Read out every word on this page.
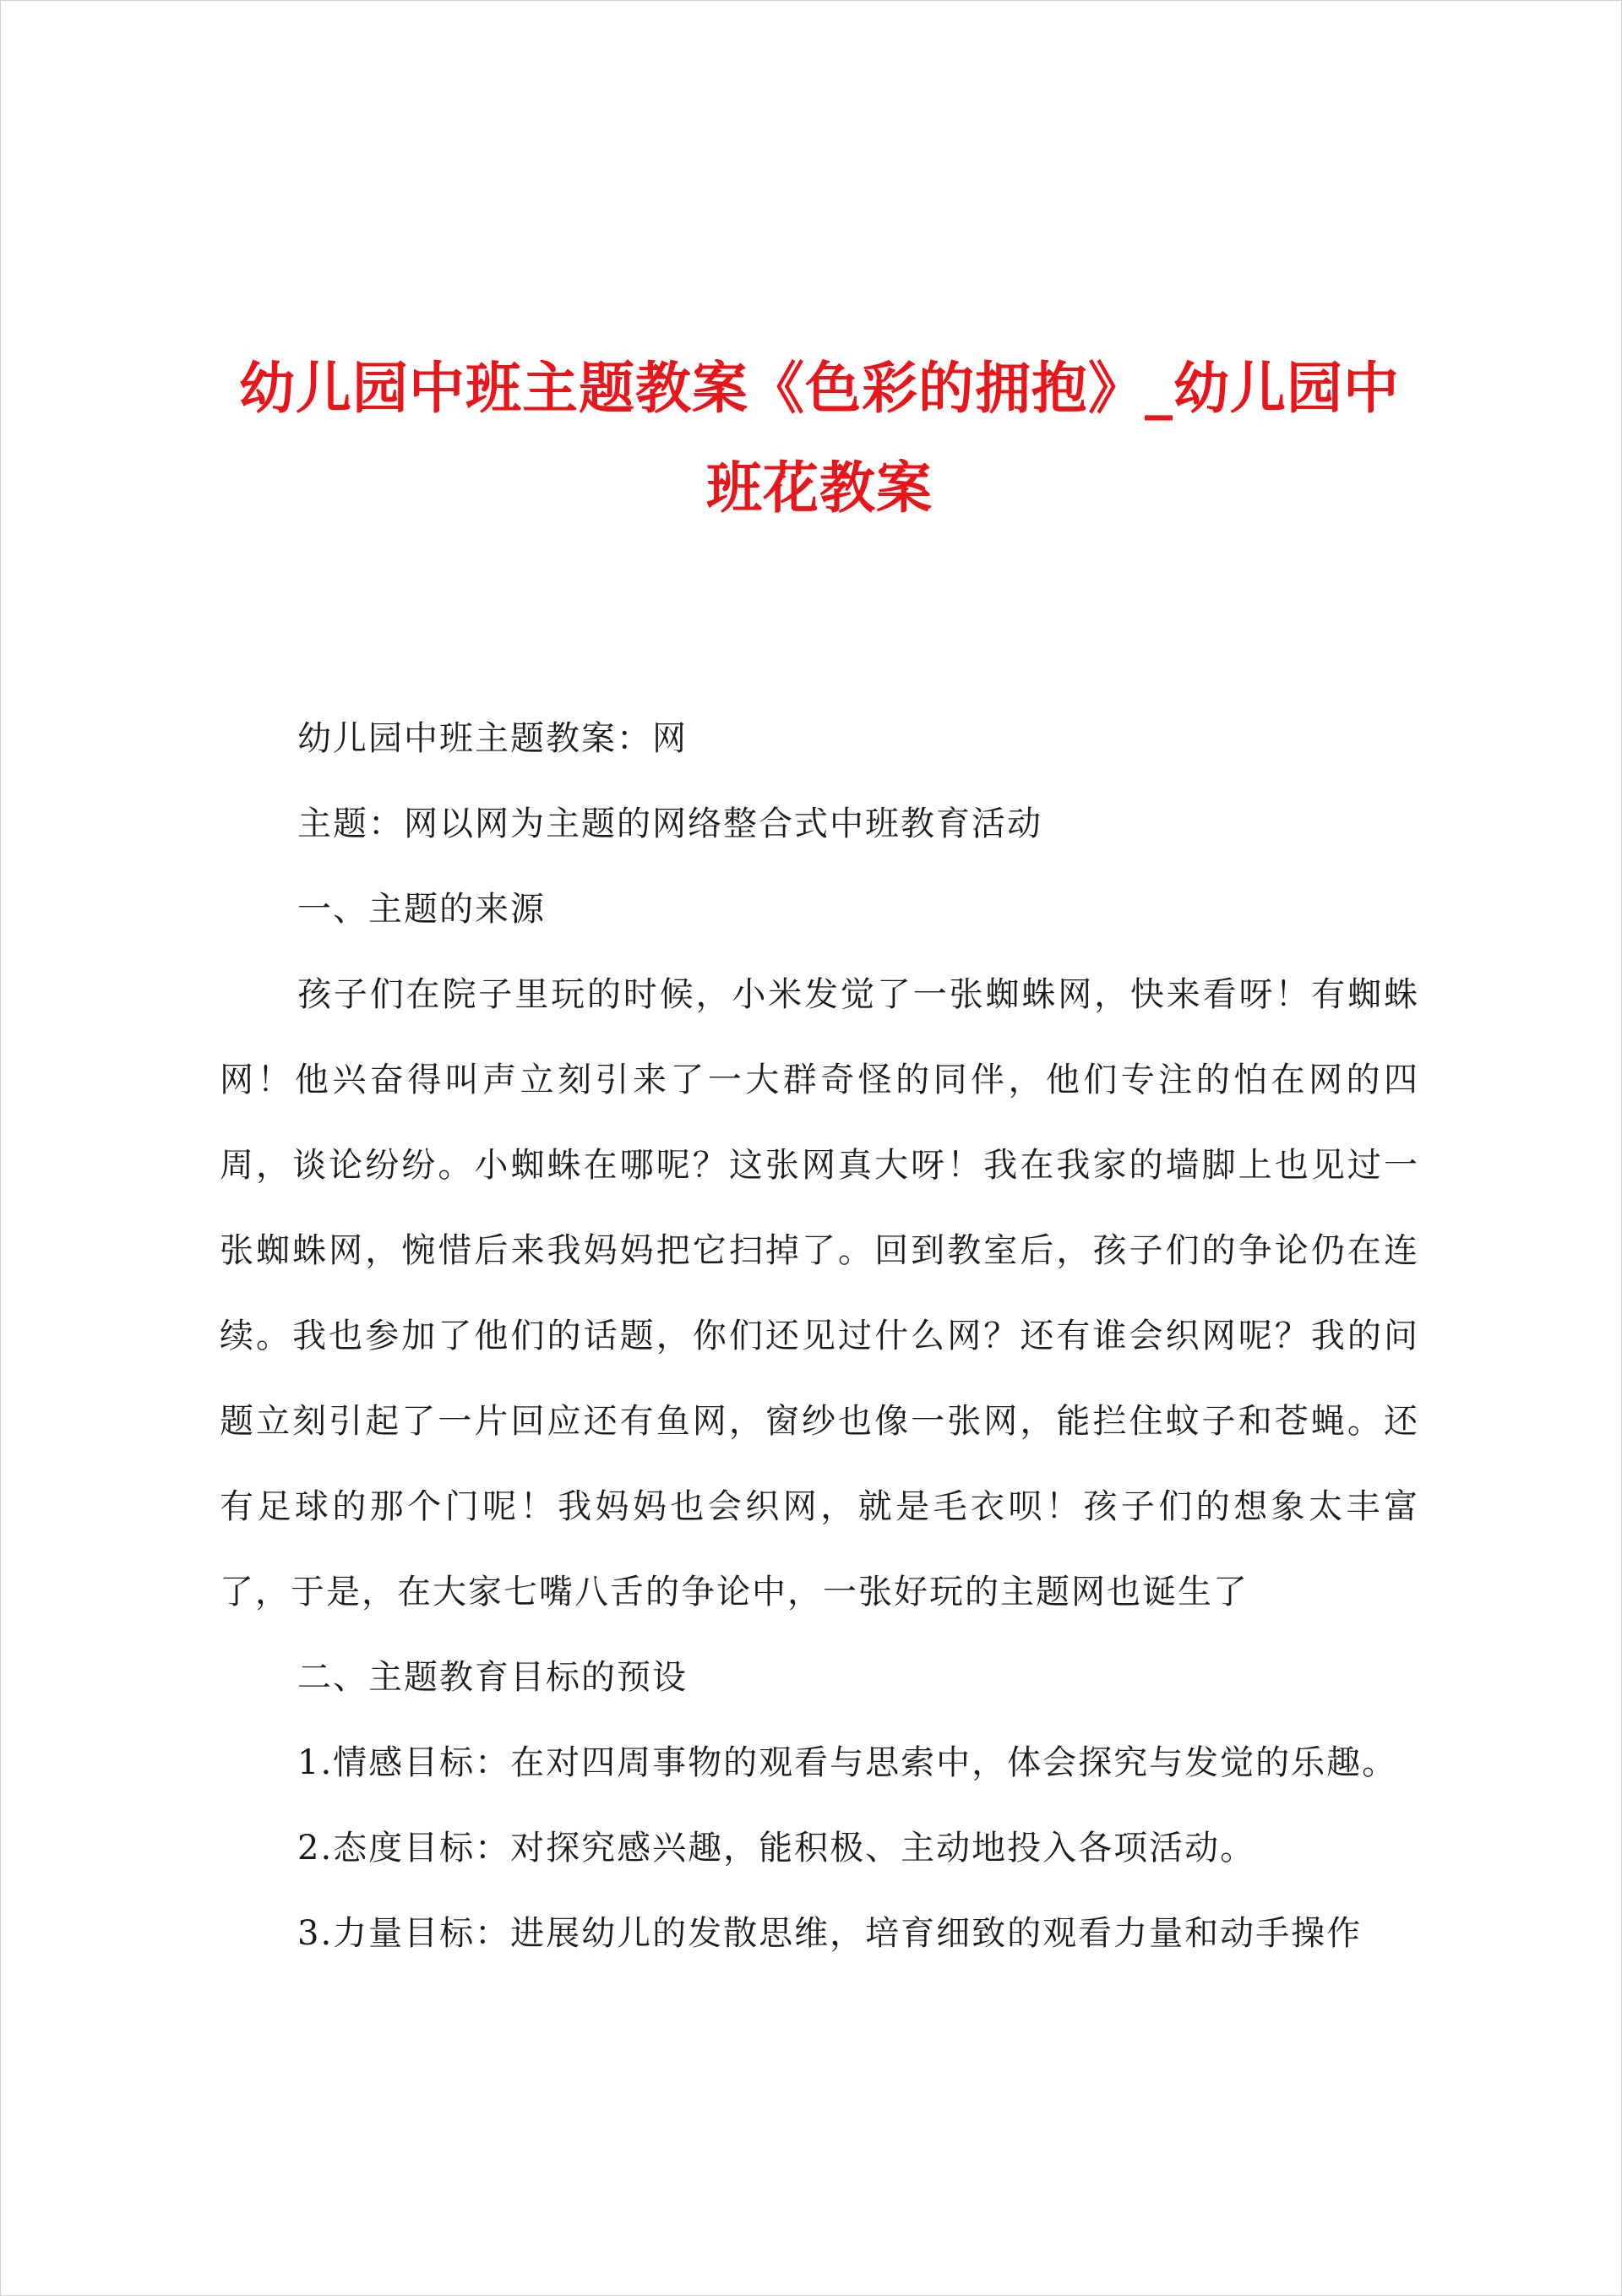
幼儿园中班主题教案《色彩的拥抱》_幼儿园中班花教案

幼儿园中班主题教案：网

主题：网以网为主题的网络整合式中班教育活动

一、主题的来源

孩子们在院子里玩的时候，小米发觉了一张蜘蛛网，快来看呀！有蜘蛛网！他兴奋得叫声立刻引来了一大群奇怪的同伴，他们专注的怕在网的四周，谈论纷纷。小蜘蛛在哪呢？这张网真大呀！我在我家的墙脚上也见过一张蜘蛛网，惋惜后来我妈妈把它扫掉了。回到教室后，孩子们的争论仍在连续。我也参加了他们的话题，你们还见过什么网？还有谁会织网呢？我的问题立刻引起了一片回应还有鱼网，窗纱也像一张网，能拦住蚊子和苍蝇。还有足球的那个门呢！我妈妈也会织网，就是毛衣呗！孩子们的想象太丰富了，于是，在大家七嘴八舌的争论中，一张好玩的主题网也诞生了

二、主题教育目标的预设

1.情感目标：在对四周事物的观看与思索中，体会探究与发觉的乐趣。

2.态度目标：对探究感兴趣，能积极、主动地投入各项活动。

3.力量目标：进展幼儿的发散思维，培育细致的观看力量和动手操作
